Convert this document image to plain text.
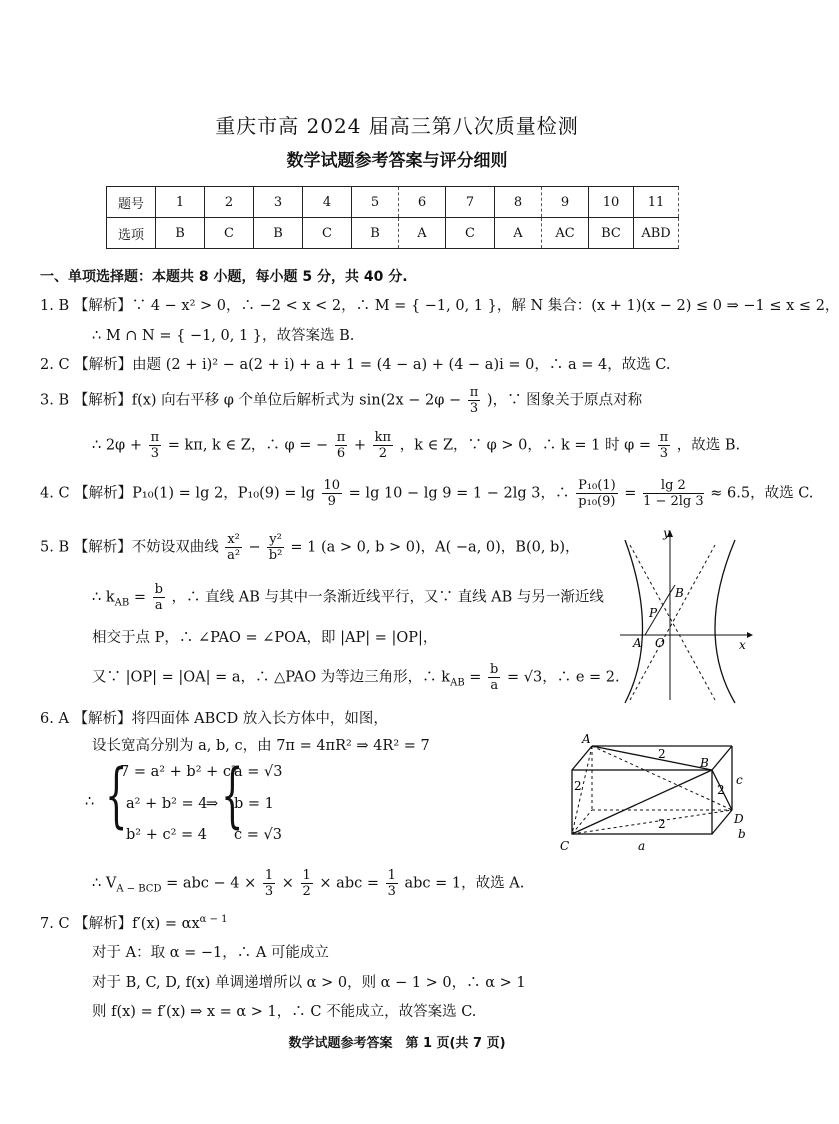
重庆市高 2024 届高三第八次质量检测
数学试题参考答案与评分细则
题号	1	2	3	4	5	6	7	8	9	10	11
选项	B	C	B	C	B	A	C	A	AC	BC	ABD
一、单项选择题：本题共 8 小题，每小题 5 分，共 40 分.
1. B 【解析】∵ 4 − x² > 0，∴ −2 < x < 2，∴ M = { −1, 0, 1 }，解 N 集合：(x + 1)(x − 2) ≤ 0 ⇒ −1 ≤ x ≤ 2，
∴ M ∩ N = { −1, 0, 1 }，故答案选 B.
2. C 【解析】由题 (2 + i)² − a(2 + i) + a + 1 = (4 − a) + (4 − a)i = 0，∴ a = 4，故选 C.
3. B 【解析】f(x) 向右平移 φ 个单位后解析式为 $\sin(2x - 2\varphi - \frac{\pi}{3}$ )，∵ 图象关于原点对称
∴ $2\varphi + \frac{\pi}{3} = k\pi$, k ∈ Z，∴ φ = − $\frac{\pi}{6} + \frac{k\pi}{2}$ ，k ∈ Z，∵ φ > 0，∴ k = 1 时 $\varphi = \frac{\pi}{3}$ ，故选 B.
4. C 【解析】P₁₀(1) = lg 2，$P_{10}(9) = \lg \frac{10}{9} = \lg 10 - \lg 9 = 1 - 2\lg$ 3，∴ $\frac{\text{P₁₀(1)}}{\text{p₁₀(9)}} = \frac{\lg 2}{1 - 2\lg 3} \approx 6.5$，故选 C.
5. B 【解析】不妨设双曲线 $\frac{\text{x²}}{\text{a²}} - \frac{\text{y²}}{\text{b²}} = 1$ (a > 0, b > 0)，A( −a, 0)，B(0, b)，
∴ $k_{AB} = \frac{b}{a}$ ，∴ 直线 AB 与其中一条渐近线平行，又∵ 直线 AB 与另一渐近线
相交于点 P，∴ ∠PAO = ∠POA，即 |AP| = |OP|，
又∵ |OP| = |OA| = a，∴ △PAO 为等边三角形，∴ $k_{AB} = \frac{b}{a} = √3$，∴ e = 2.
y
x
A O
P
B
6. A 【解析】将四面体 ABCD 放入长方体中，如图，
设长宽高分别为 a, b, c，由 7π = 4πR² ⇒ 4R² = 7
∴ {
7 = a² + b² + c²
a² + b² = 4
b² + c² = 4
⇒ {
a = √3
b = 1
c = √3
∴ $V_{A - BCD}$ = abc − $4 \times \frac{1}{3} \times \frac{1}{2}$ × abc = $\frac{1}{3}$ abc = 1，故选 A.
A
B
C
D
a
b
c
2
2	2
2
7. C 【解析】$f'(x) = \alpha x^{\alpha - 1}$
对于 A：取 α = −1，∴ A 可能成立
对于 B, C, D, f(x) 单调递增所以 α > 0，则 α − 1 > 0，∴ α > 1
则 f(x) = f′(x) ⇒ x = α > 1，∴ C 不能成立，故答案选 C.
数学试题参考答案　第 1 页(共 7 页)
